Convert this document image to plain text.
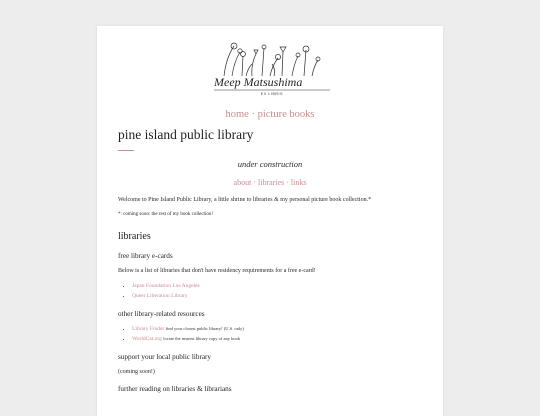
Meep Matsushima
EX LIBRIS
home · picture books
pine island public library
under construction
about · libraries · links

Welcome to Pine Island Public Library, a little shrine to libraries & my personal picture book collection.*

*: coming soon: the rest of my book collection!

libraries

free library e-cards

Below is a list of libraries that don't have residency requirements for a free e-card!

• Japan Foundation Los Angeles
• Queer Liberation Library

other library-related resources

• Library Finder find your closest public library! (U.S. only)
• WorldCat.org locate the nearest library copy of any book

support your local public library

(coming soon!)

further reading on libraries & librarians
